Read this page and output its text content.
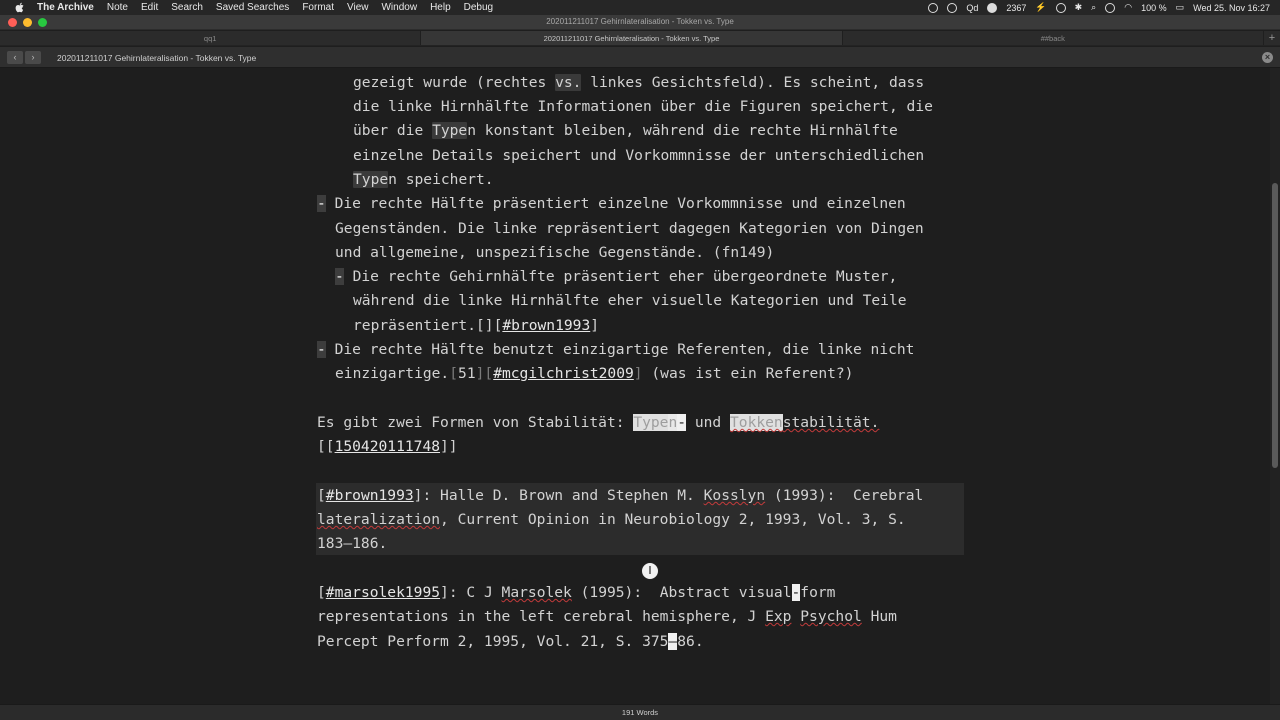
The Archive Note Edit Search Saved Searches Format View Window Help Debug	Qd	2367 ⚡	✱ ⌕	◠ 100 % ▭ Wed 25. Nov 16:27
202011211017 Gehirnlateralisation - Tokken vs. Type
qq1	202011211017 Gehirnlateralisation - Tokken vs. Type	##back	+
‹	›	202011211017 Gehirnlateralisation - Tokken vs. Type	×
gezeigt wurde (rechtes vs. linkes Gesichtsfeld). Es scheint, dass
die linke Hirnhälfte Informationen über die Figuren speichert, die
über die Typen konstant bleiben, während die rechte Hirnhälfte
einzelne Details speichert und Vorkommnisse der unterschiedlichen
Typen speichert.
- Die rechte Hälfte präsentiert einzelne Vorkommnisse und einzelnen
Gegenständen. Die linke repräsentiert dagegen Kategorien von Dingen
und allgemeine, unspezifische Gegenstände. (fn149)
- Die rechte Gehirnhälfte präsentiert eher übergeordnete Muster,
während die linke Hirnhälfte eher visuelle Kategorien und Teile
repräsentiert.[][#brown1993]
- Die rechte Hälfte benutzt einzigartige Referenten, die linke nicht
einzigartige.[51][#mcgilchrist2009] (was ist ein Referent?)
Es gibt zwei Formen von Stabilität: Typen- und Tokkenstabilität.
[[150420111748]]
[#brown1993]: Halle D. Brown and Stephen M. Kosslyn (1993):  Cerebral
lateralization, Current Opinion in Neurobiology 2, 1993, Vol. 3, S.
183–186.
[#marsolek1995]: C J Marsolek (1995):  Abstract visual-form
representations in the left cerebral hemisphere, J Exp Psychol Hum
Percept Perform 2, 1995, Vol. 21, S. 375–86.
Ⅰ
191 Words
